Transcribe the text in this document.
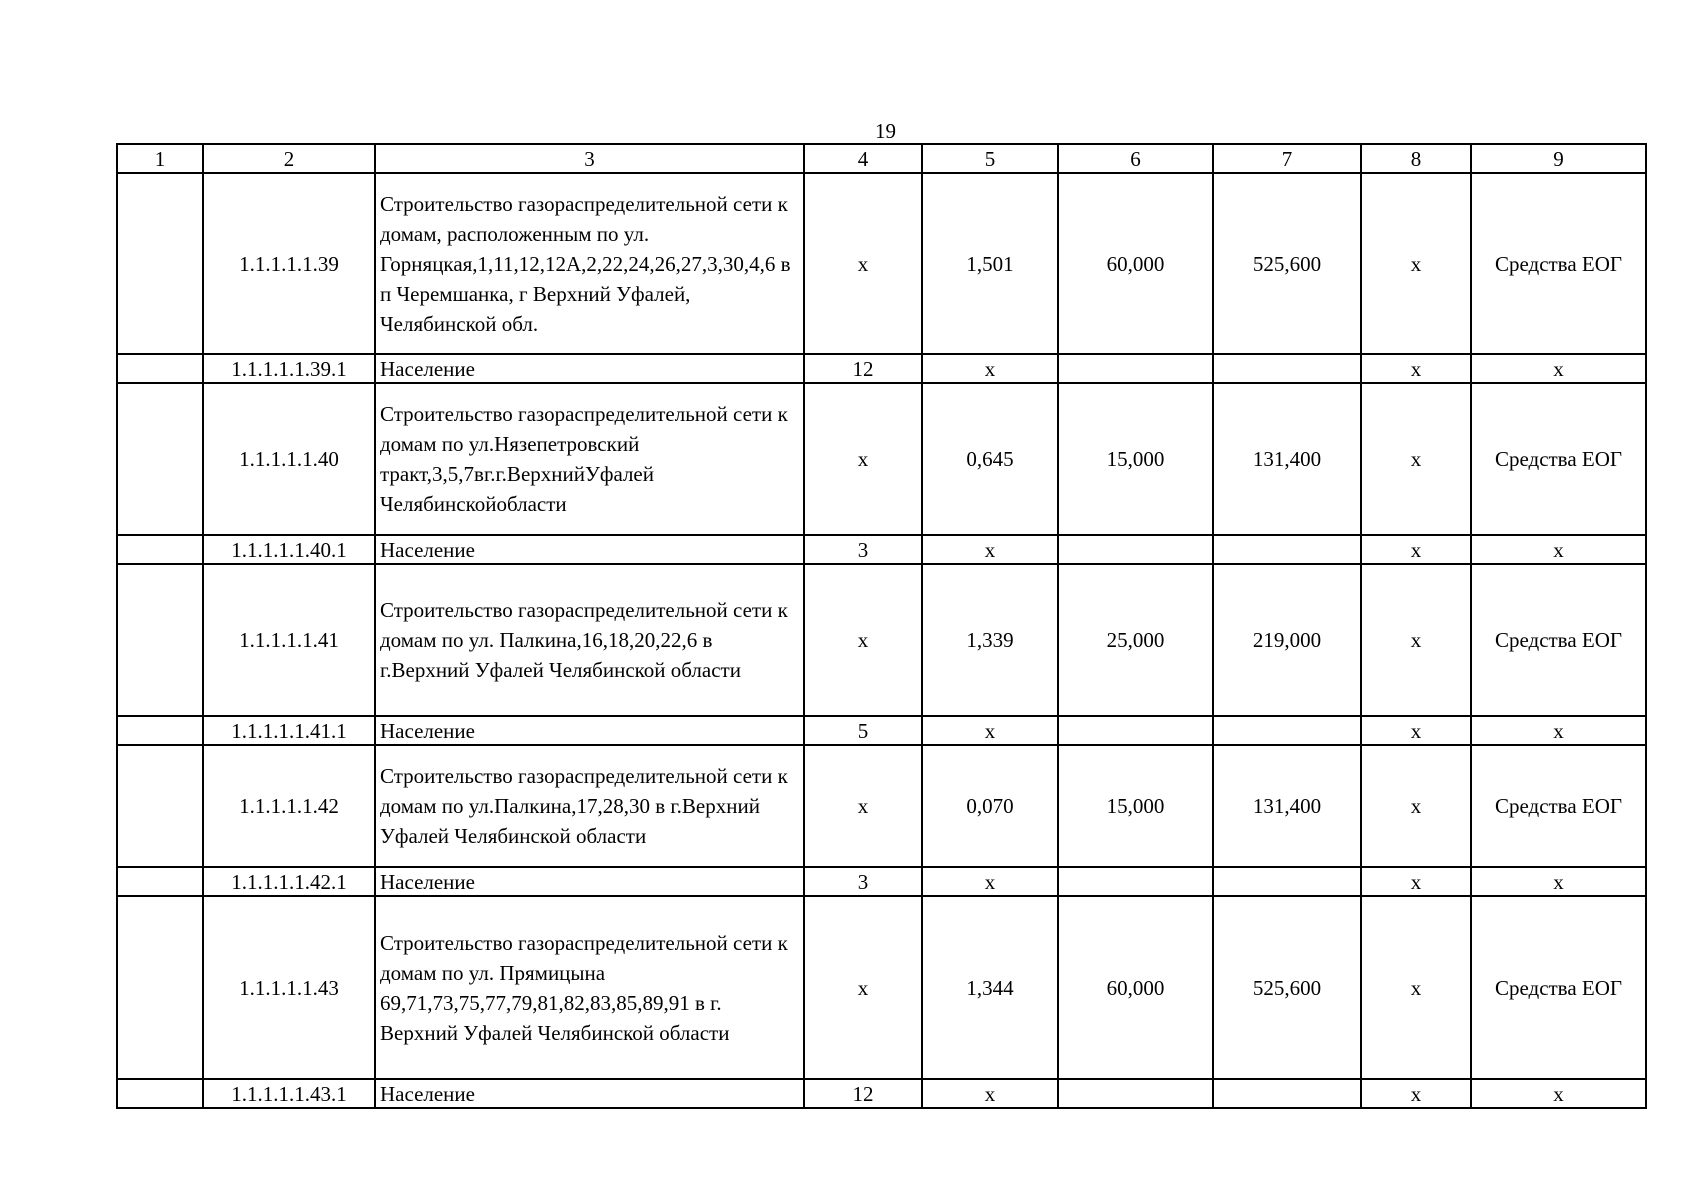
19
1	2	3	4	5	6	7	8	9
	1.1.1.1.1.39	Строительство газораспределительной сети к домам, расположенным по ул. Горняцкая,1,11,12,12А,2,22,24,26,27,3,30,4,6 в п Черемшанка, г Верхний Уфалей, Челябинской обл.	х	1,501	60,000	525,600	х	Средства ЕОГ
	1.1.1.1.1.39.1	Население	12	х			х	х
	1.1.1.1.1.40	Строительство газораспределительной сети к домам по ул.Нязепетровский тракт,3,5,7вг.г.ВерхнийУфалей Челябинскойобласти	х	0,645	15,000	131,400	х	Средства ЕОГ
	1.1.1.1.1.40.1	Население	3	х			х	х
	1.1.1.1.1.41	Строительство газораспределительной сети к домам по ул. Палкина,16,18,20,22,6 в г.Верхний Уфалей Челябинской области	х	1,339	25,000	219,000	х	Средства ЕОГ
	1.1.1.1.1.41.1	Население	5	х			х	х
	1.1.1.1.1.42	Строительство газораспределительной сети к домам по ул.Палкина,17,28,30 в г.Верхний Уфалей Челябинской области	х	0,070	15,000	131,400	х	Средства ЕОГ
	1.1.1.1.1.42.1	Население	3	х			х	х
	1.1.1.1.1.43	Строительство газораспределительной сети к домам по ул. Прямицына 69,71,73,75,77,79,81,82,83,85,89,91 в г. Верхний Уфалей Челябинской области	х	1,344	60,000	525,600	х	Средства ЕОГ
	1.1.1.1.1.43.1	Население	12	х			х	х
